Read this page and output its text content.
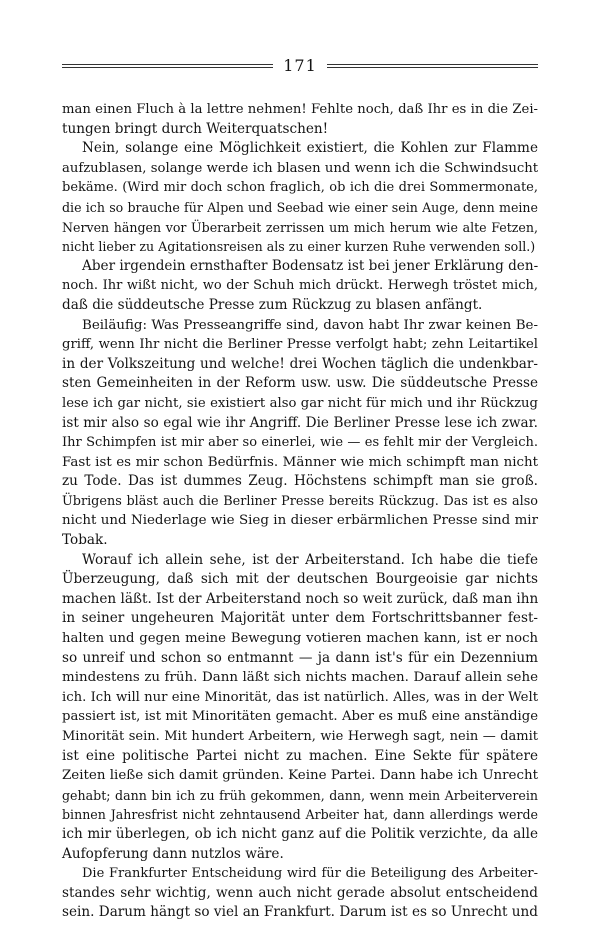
171
man einen Fluch à la lettre nehmen! Fehlte noch, daß Ihr es in die Zei-
tungen bringt durch Weiterquatschen!
Nein, solange eine Möglichkeit existiert, die Kohlen zur Flamme
aufzublasen, solange werde ich blasen und wenn ich die Schwindsucht
bekäme. (Wird mir doch schon fraglich, ob ich die drei Sommermonate,
die ich so brauche für Alpen und Seebad wie einer sein Auge, denn meine
Nerven hängen vor Überarbeit zerrissen um mich herum wie alte Fetzen,
nicht lieber zu Agitationsreisen als zu einer kurzen Ruhe verwenden soll.)
Aber irgendein ernsthafter Bodensatz ist bei jener Erklärung den-
noch. Ihr wißt nicht, wo der Schuh mich drückt. Herwegh tröstet mich,
daß die süddeutsche Presse zum Rückzug zu blasen anfängt.
Beiläufig: Was Presseangriffe sind, davon habt Ihr zwar keinen Be-
griff, wenn Ihr nicht die Berliner Presse verfolgt habt; zehn Leitartikel
in der Volkszeitung und welche! drei Wochen täglich die undenkbar-
sten Gemeinheiten in der Reform usw. usw. Die süddeutsche Presse
lese ich gar nicht, sie existiert also gar nicht für mich und ihr Rückzug
ist mir also so egal wie ihr Angriff. Die Berliner Presse lese ich zwar.
Ihr Schimpfen ist mir aber so einerlei, wie — es fehlt mir der Vergleich.
Fast ist es mir schon Bedürfnis. Männer wie mich schimpft man nicht
zu Tode. Das ist dummes Zeug. Höchstens schimpft man sie groß.
Übrigens bläst auch die Berliner Presse bereits Rückzug. Das ist es also
nicht und Niederlage wie Sieg in dieser erbärmlichen Presse sind mir
Tobak.
Worauf ich allein sehe, ist der Arbeiterstand. Ich habe die tiefe
Überzeugung, daß sich mit der deutschen Bourgeoisie gar nichts
machen läßt. Ist der Arbeiterstand noch so weit zurück, daß man ihn
in seiner ungeheuren Majorität unter dem Fortschrittsbanner fest-
halten und gegen meine Bewegung votieren machen kann, ist er noch
so unreif und schon so entmannt — ja dann ist's für ein Dezennium
mindestens zu früh. Dann läßt sich nichts machen. Darauf allein sehe
ich. Ich will nur eine Minorität, das ist natürlich. Alles, was in der Welt
passiert ist, ist mit Minoritäten gemacht. Aber es muß eine anständige
Minorität sein. Mit hundert Arbeitern, wie Herwegh sagt, nein — damit
ist eine politische Partei nicht zu machen. Eine Sekte für spätere
Zeiten ließe sich damit gründen. Keine Partei. Dann habe ich Unrecht
gehabt; dann bin ich zu früh gekommen, dann, wenn mein Arbeiterverein
binnen Jahresfrist nicht zehntausend Arbeiter hat, dann allerdings werde
ich mir überlegen, ob ich nicht ganz auf die Politik verzichte, da alle
Aufopferung dann nutzlos wäre.
Die Frankfurter Entscheidung wird für die Beteiligung des Arbeiter-
standes sehr wichtig, wenn auch nicht gerade absolut entscheidend
sein. Darum hängt so viel an Frankfurt. Darum ist es so Unrecht und
